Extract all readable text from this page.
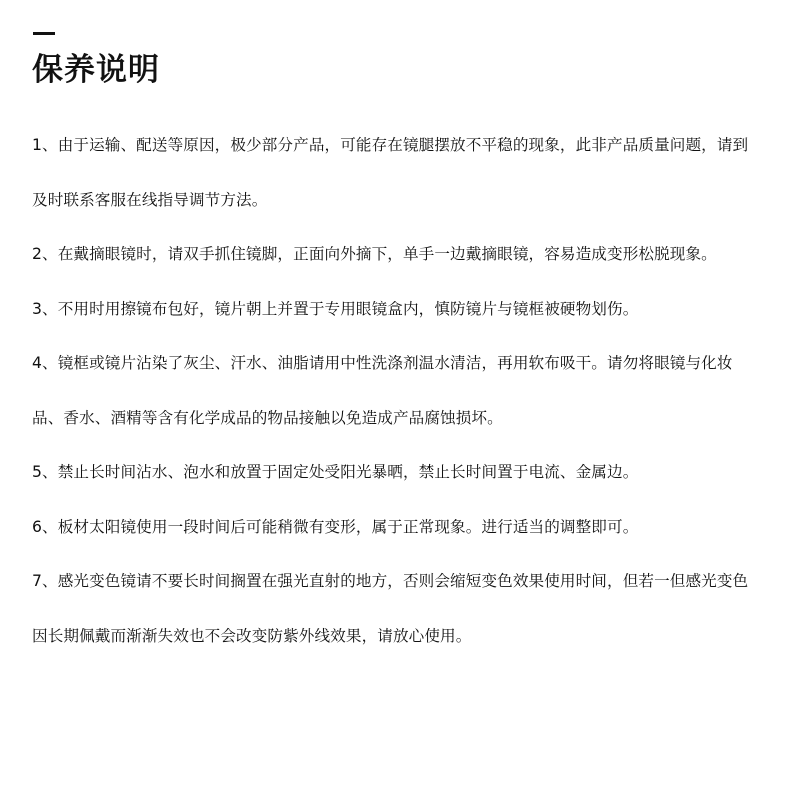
保养说明
1、由于运输、配送等原因，极少部分产品，可能存在镜腿摆放不平稳的现象，此非产品质量问题，请到及时联系客服在线指导调节方法。
2、在戴摘眼镜时，请双手抓住镜脚，正面向外摘下，单手一边戴摘眼镜，容易造成变形松脱现象。
3、不用时用擦镜布包好，镜片朝上并置于专用眼镜盒内，慎防镜片与镜框被硬物划伤。
4、镜框或镜片沾染了灰尘、汗水、油脂请用中性洗涤剂温水清洁，再用软布吸干。请勿将眼镜与化妆品、香水、酒精等含有化学成品的物品接触以免造成产品腐蚀损坏。
5、禁止长时间沾水、泡水和放置于固定处受阳光暴晒，禁止长时间置于电流、金属边。
6、板材太阳镜使用一段时间后可能稍微有变形，属于正常现象。进行适当的调整即可。
7、感光变色镜请不要长时间搁置在强光直射的地方，否则会缩短变色效果使用时间，但若一但感光变色因长期佩戴而渐渐失效也不会改变防紫外线效果，请放心使用。
